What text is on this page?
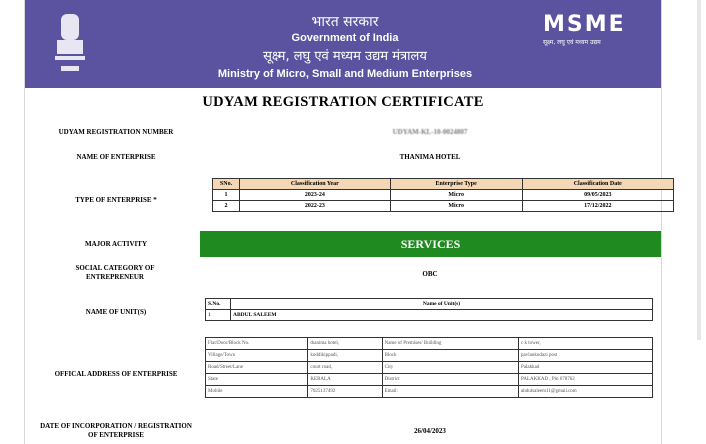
भारत सरकार
Government of India
सूक्ष्म, लघु एवं मध्यम उद्यम मंत्रालय
Ministry of Micro, Small and Medium Enterprises
MSME
सूक्ष्म, लघु एवं मध्यम उद्यम
UDYAM REGISTRATION CERTIFICATE
UDYAM REGISTRATION NUMBER	UDYAM-KL-10-0024807
NAME OF ENTERPRISE	THANIMA HOTEL
TYPE OF ENTERPRISE *
SNo.	Classification Year	Enterprise Type	Classification Date
1	2023-24	Micro	09/05/2023
2	2022-23	Micro	17/12/2022
MAJOR ACTIVITY	SERVICES
SOCIAL CATEGORY OF ENTREPRENEUR	OBC
NAME OF UNIT(S)
S.No.	Name of Unit(s)
1	ABDUL SALEEM
OFFICAL ADDRESS OF ENTERPRISE
Flat/Door/Block No.	thanima hotel,	Name of Premises/ Building	c k tower,
Village/Town	koddikippadi,	Block	pavlankudazi post
Road/Street/Lane	court road,	City	Palakkad
State	KERALA	District	PALAKKAD , Pin 678762
Mobile	7025137492	Email:	abdulsaleem11@gmail.com
DATE OF INCORPORATION / REGISTRATION OF ENTERPRISE	26/04/2023
